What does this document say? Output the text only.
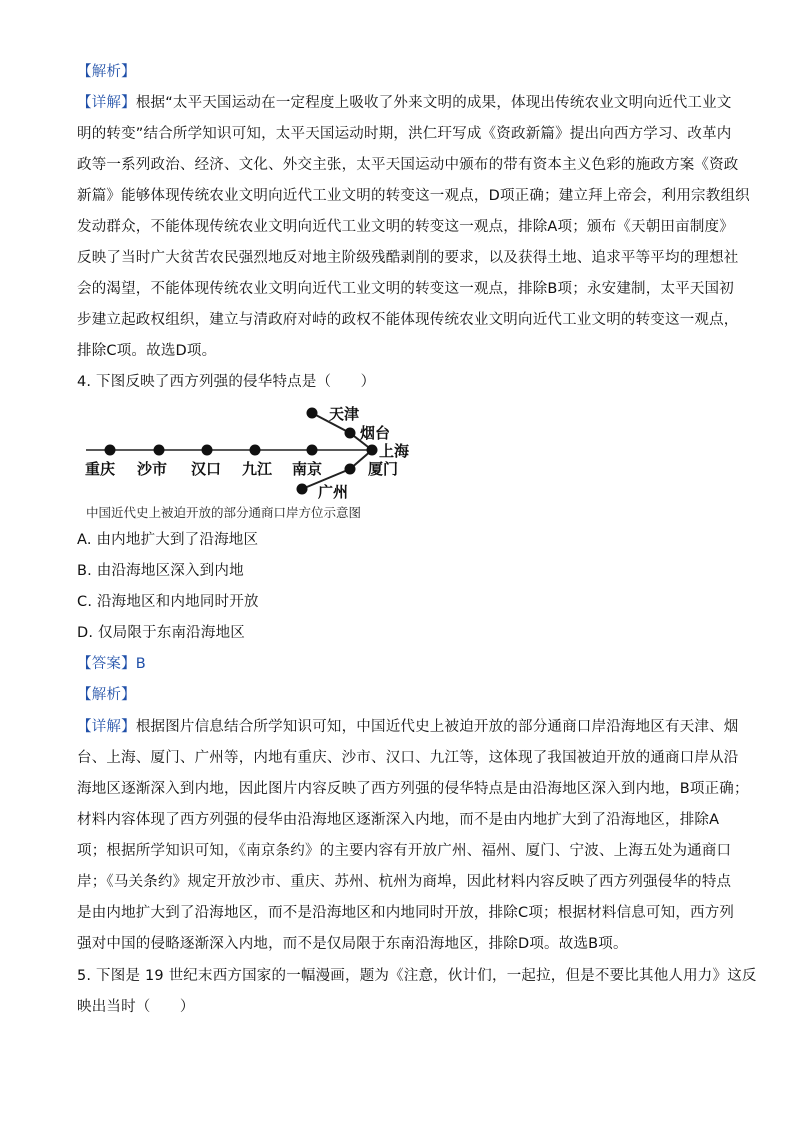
【解析】
【详解】根据“太平天国运动在一定程度上吸收了外来文明的成果，体现出传统农业文明向近代工业文
明的转变”结合所学知识可知，太平天国运动时期，洪仁玕写成《资政新篇》提出向西方学习、改革内
政等一系列政治、经济、文化、外交主张，太平天国运动中颁布的带有资本主义色彩的施政方案《资政
新篇》能够体现传统农业文明向近代工业文明的转变这一观点，D项正确；建立拜上帝会，利用宗教组织
发动群众，不能体现传统农业文明向近代工业文明的转变这一观点，排除A项；颁布《天朝田亩制度》
反映了当时广大贫苦农民强烈地反对地主阶级残酷剥削的要求，以及获得土地、追求平等平均的理想社
会的渴望，不能体现传统农业文明向近代工业文明的转变这一观点，排除B项；永安建制，太平天国初
步建立起政权组织，建立与清政府对峙的政权不能体现传统农业文明向近代工业文明的转变这一观点，
排除C项。故选D项。
4. 下图反映了西方列强的侵华特点是（　　）
重庆 沙市 汉口 九江 南京
天津
烟台
上海
厦门
广州
中国近代史上被迫开放的部分通商口岸方位示意图
A. 由内地扩大到了沿海地区
B. 由沿海地区深入到内地
C. 沿海地区和内地同时开放
D. 仅局限于东南沿海地区
【答案】B
【解析】
【详解】根据图片信息结合所学知识可知，中国近代史上被迫开放的部分通商口岸沿海地区有天津、烟
台、上海、厦门、广州等，内地有重庆、沙市、汉口、九江等，这体现了我国被迫开放的通商口岸从沿
海地区逐渐深入到内地，因此图片内容反映了西方列强的侵华特点是由沿海地区深入到内地，B项正确；
材料内容体现了西方列强的侵华由沿海地区逐渐深入内地，而不是由内地扩大到了沿海地区，排除A
项；根据所学知识可知，《南京条约》的主要内容有开放广州、福州、厦门、宁波、上海五处为通商口
岸；《马关条约》规定开放沙市、重庆、苏州、杭州为商埠，因此材料内容反映了西方列强侵华的特点
是由内地扩大到了沿海地区，而不是沿海地区和内地同时开放，排除C项；根据材料信息可知，西方列
强对中国的侵略逐渐深入内地，而不是仅局限于东南沿海地区，排除D项。故选B项。
5. 下图是 19 世纪末西方国家的一幅漫画，题为《注意，伙计们，一起拉，但是不要比其他人用力》这反
映出当时（　　）
